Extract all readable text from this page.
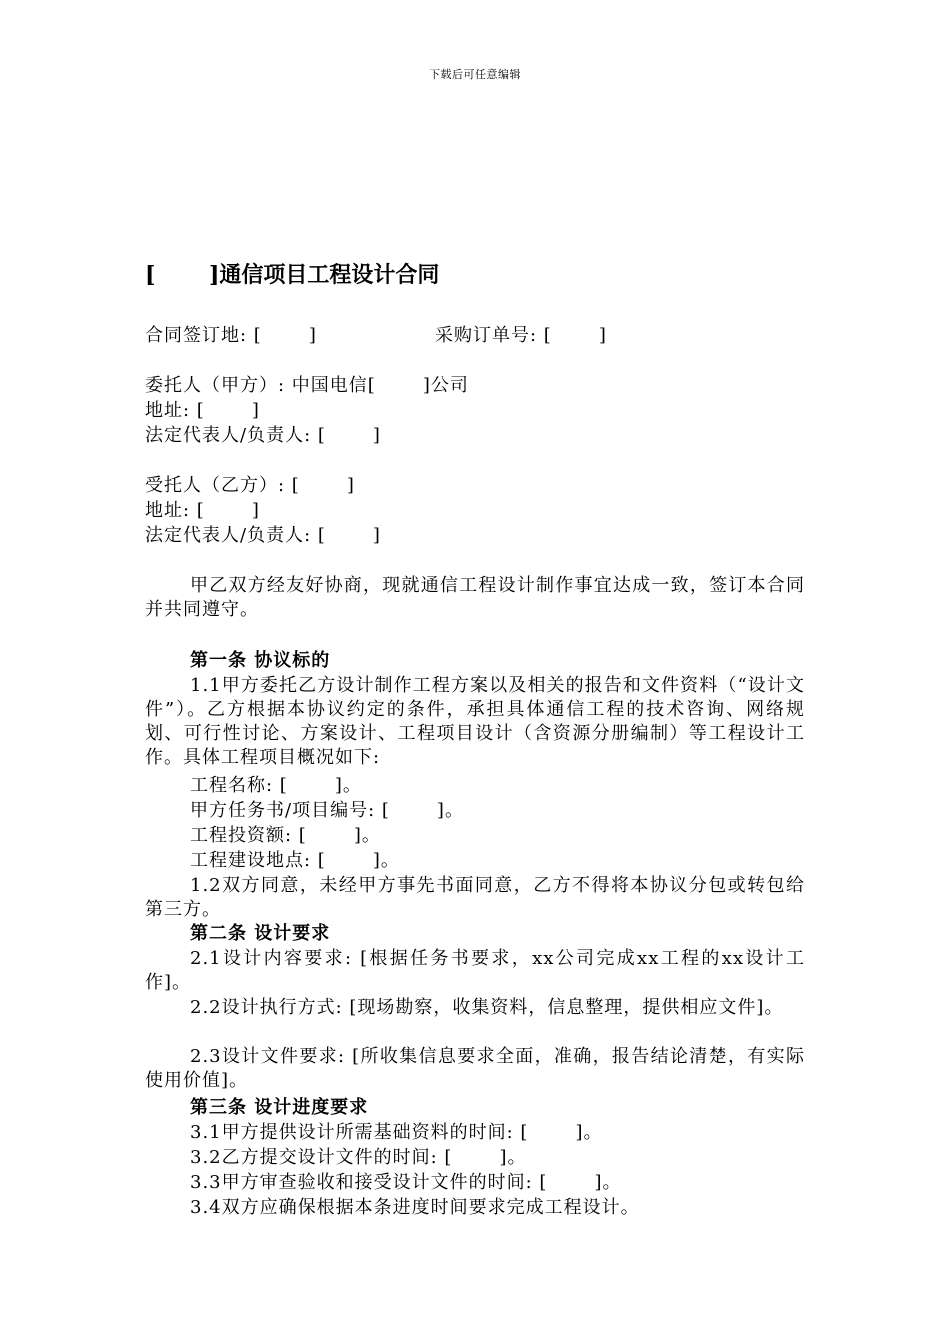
下载后可任意编辑
[       ]通信项目工程设计合同
合同签订地: [       ]	采购订单号: [       ]
委托人（甲方）: 中国电信[       ]公司
地址: [       ]
法定代表人/负责人: [       ]
受托人（乙方）: [       ]
地址: [       ]
法定代表人/负责人: [       ]
甲乙双方经友好协商，现就通信工程设计制作事宜达成一致，签订本合同并共同遵守。
第一条 协议标的
1.1甲方委托乙方设计制作工程方案以及相关的报告和文件资料（“设计文件”）。乙方根据本协议约定的条件，承担具体通信工程的技术咨询、网络规划、可行性讨论、方案设计、工程项目设计（含资源分册编制）等工程设计工作。具体工程项目概况如下:
工程名称: [       ]。
甲方任务书/项目编号: [       ]。
工程投资额: [       ]。
工程建设地点: [       ]。
1.2双方同意，未经甲方事先书面同意，乙方不得将本协议分包或转包给第三方。
第二条 设计要求
2.1设计内容要求: [根据任务书要求，xx公司完成xx工程的xx设计工作]。
2.2设计执行方式: [现场勘察，收集资料，信息整理，提供相应文件]。
2.3设计文件要求: [所收集信息要求全面，准确，报告结论清楚，有实际使用价值]。
第三条 设计进度要求
3.1甲方提供设计所需基础资料的时间: [       ]。
3.2乙方提交设计文件的时间: [       ]。
3.3甲方审查验收和接受设计文件的时间: [       ]。
3.4双方应确保根据本条进度时间要求完成工程设计。
